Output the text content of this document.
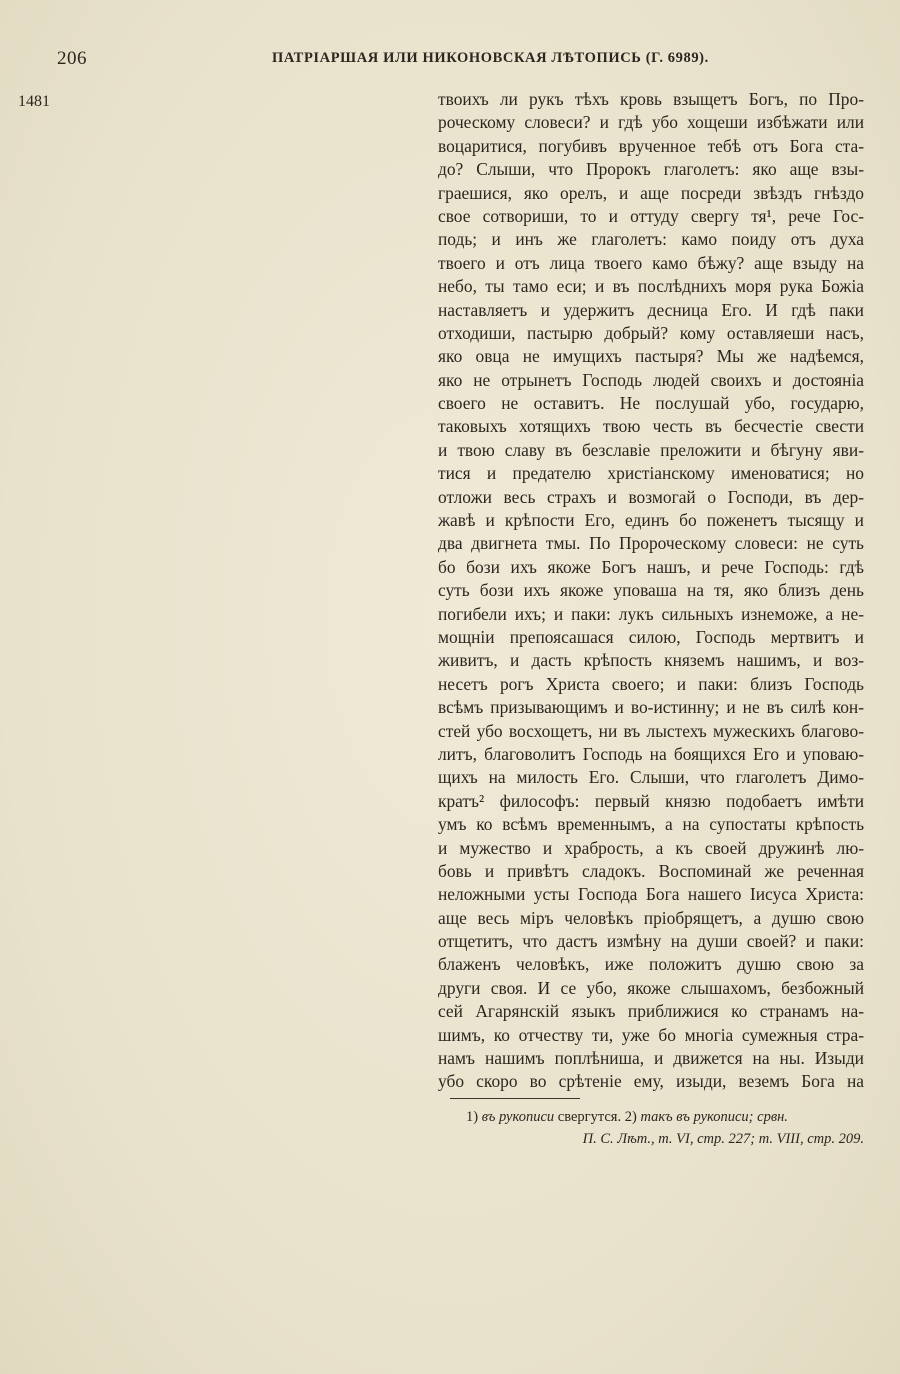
206	ПАТРІАРШАЯ ИЛИ НИКОНОВСКАЯ ЛѢТОПИСЬ (Г. 6989).
1481	твоихъ ли рукъ тѣхъ кровь взыщетъ Богъ, по Про-
роческому словеси? и гдѣ убо хощеши избѣжати или
воцаритися, погубивъ врученное тебѣ отъ Бога ста-
до? Слыши, что Пророкъ глаголетъ: яко аще взы-
граешися, яко орелъ, и аще посреди звѣздъ гнѣздо
свое сотвориши, то и оттуду свергу тя¹, рече Гос-
подь; и инъ же глаголетъ: камо поиду отъ духа
твоего и отъ лица твоего камо бѣжу? аще взыду на
небо, ты тамо еси; и въ послѣднихъ моря рука Божіа
наставляетъ и удержитъ десница Его. И гдѣ паки
отходиши, пастырю добрый? кому оставляеши насъ,
яко овца не имущихъ пастыря? Мы же надѣемся,
яко не отрынетъ Господь людей своихъ и достояніа
своего не оставитъ. Не послушай убо, государю,
таковыхъ хотящихъ твою честь въ бесчестіе свести
и твою славу въ безславіе преложити и бѣгуну яви-
тися и предателю христіанскому именоватися; но
отложи весь страхъ и возмогай о Господи, въ дер-
жавѣ и крѣпости Его, единъ бо поженетъ тысящу и
два двигнета тмы. По Пророческому словеси: не суть
бо бози ихъ якоже Богъ нашъ, и рече Господь: гдѣ
суть бози ихъ якоже уповаша на тя, яко близъ день
погибели ихъ; и паки: лукъ сильныхъ изнеможе, а не-
мощніи препоясашася силою, Господь мертвитъ и
живитъ, и дасть крѣпость княземъ нашимъ, и воз-
несетъ рогъ Христа своего; и паки: близъ Господь
всѣмъ призывающимъ и во-истинну; и не въ силѣ кон-
стей убо восхощетъ, ни въ лыстехъ мужескихъ благово-
литъ, благоволитъ Господь на боящихся Его и уповаю-
щихъ на милость Его. Слыши, что глаголетъ Димо-
кратъ² философъ: первый князю подобаетъ имѣти
умъ ко всѣмъ временнымъ, а на супостаты крѣпость
и мужество и храбрость, а къ своей дружинѣ лю-
бовь и привѣтъ сладокъ. Воспоминай же реченная
неложными усты Господа Бога нашего Іисуса Христа:
аще весь міръ человѣкъ пріобрящетъ, а душю свою
отщетитъ, что дастъ измѣну на души своей? и паки:
блаженъ человѣкъ, иже положитъ душю свою за
други своя. И се убо, якоже слышахомъ, безбожный
сей Агарянскій языкъ приближися ко странамъ на-
шимъ, ко отчеству ти, уже бо многіа сумежныя стра-
намъ нашимъ поплѣниша, и движется на ны. Изыди
убо скоро во срѣтеніе ему, изыди, веземъ Бога на
1) въ рукописи свергутся. 2) такъ въ рукописи; срвн.
П. С. Лѣт., т. VI, стр. 227; т. VIII, стр. 209.
